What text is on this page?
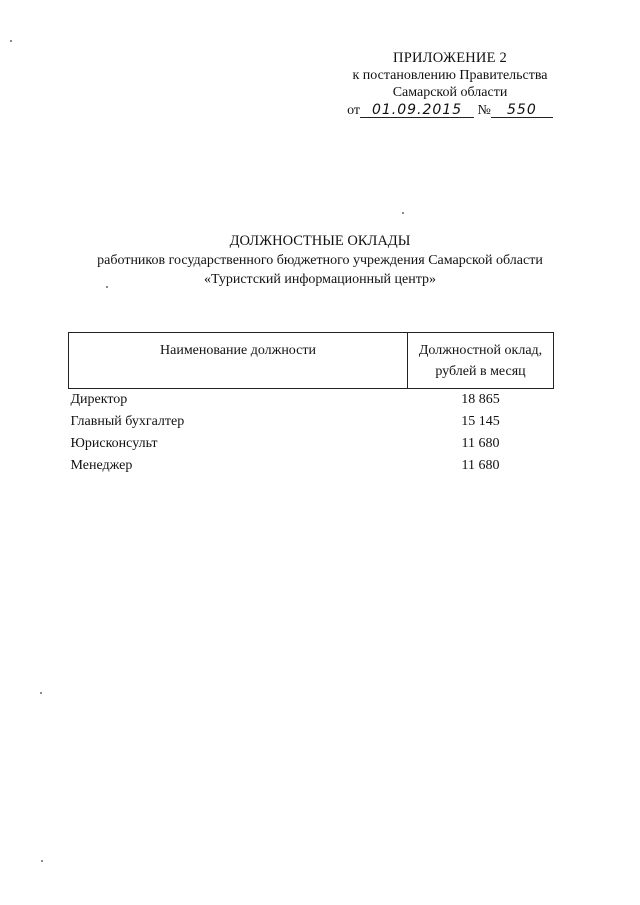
ПРИЛОЖЕНИЕ 2
к постановлению Правительства
Самарской области
от 01.09.2015 № 550
ДОЛЖНОСТНЫЕ ОКЛАДЫ
работников государственного бюджетного учреждения Самарской области
«Туристский информационный центр»
Наименование должности	Должностной оклад,
рублей в месяц

Директор	18 865
Главный бухгалтер	15 145
Юрисконсульт	11 680
Менеджер	11 680
